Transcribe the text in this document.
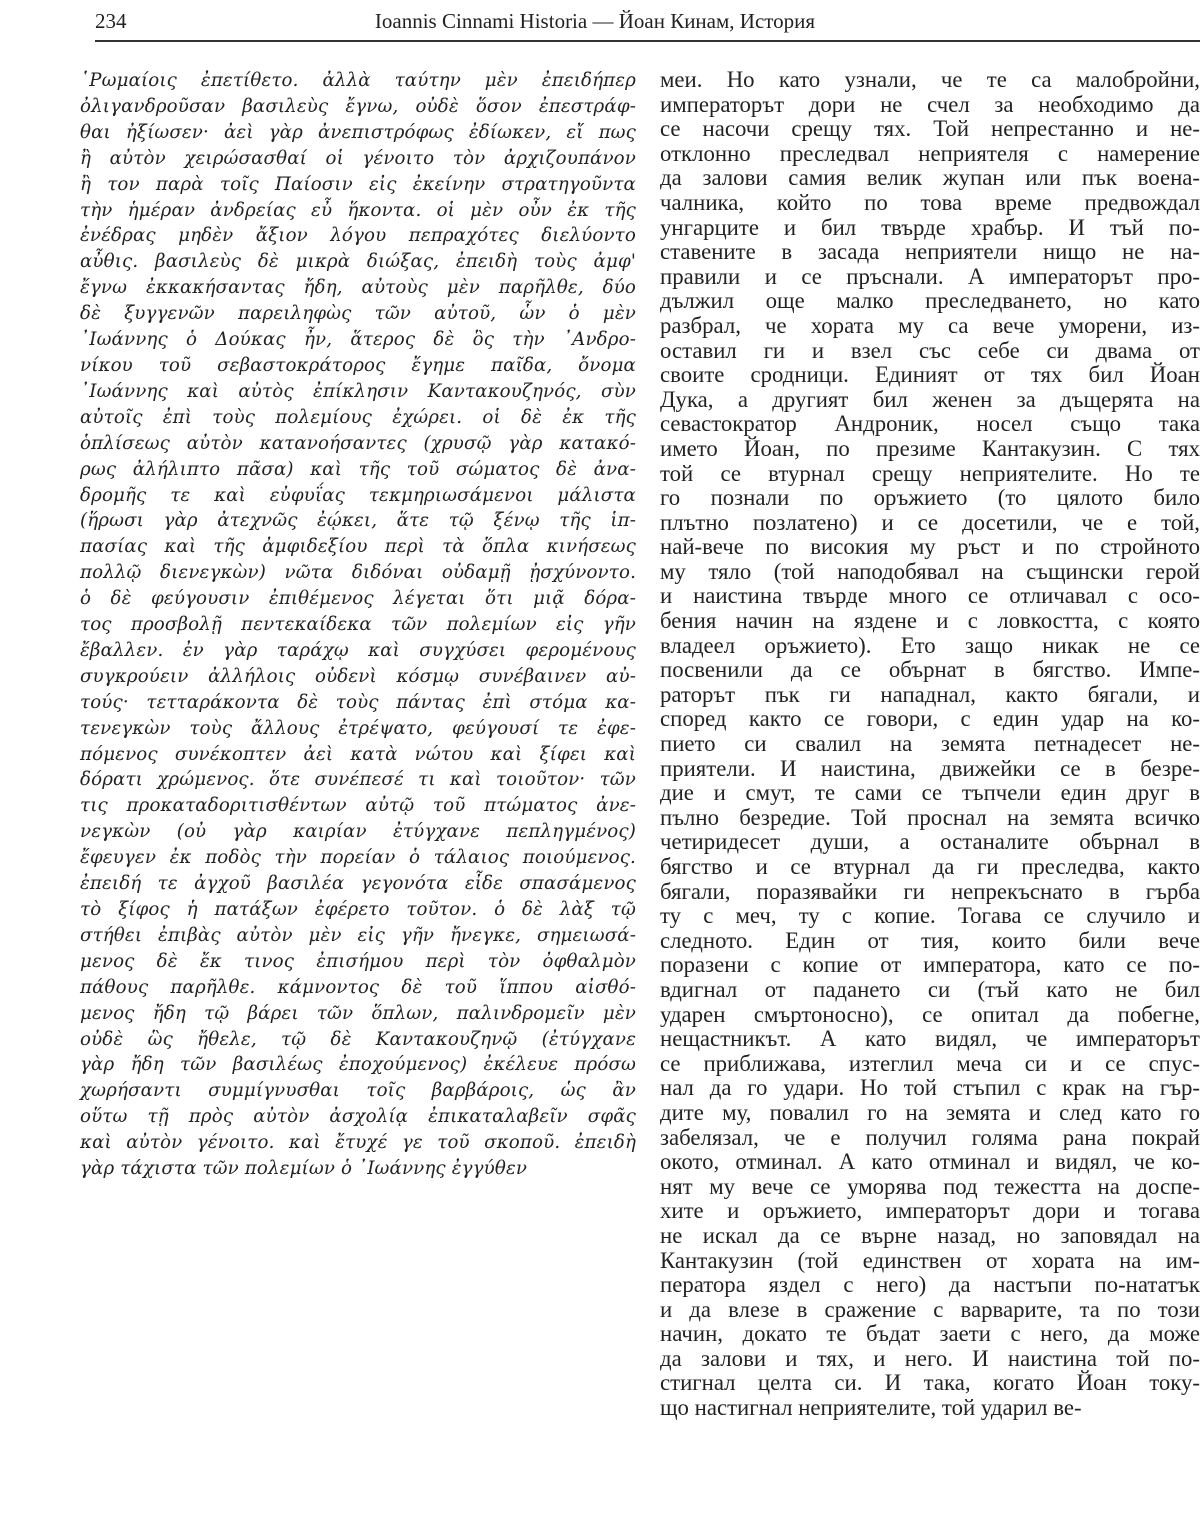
234	Ioannis Cinnami Historia — Йоан Кинам, История
῾Ρωμαίοις ἐπετίθετο. ἀλλὰ ταύτην μὲν ἐπειδήπερ
ὀλιγανδροῦσαν βασιλεὺς ἔγνω, οὐδὲ ὅσον ἐπεστράφ-
θαι ἠξίωσεν· ἀεὶ γὰρ ἀνεπιστρόφως ἐδίωκεν, εἴ πως
ἢ αὐτὸν χειρώσασθαί οἱ γένοιτο τὸν ἀρχιζουπάνον
ἢ τον παρὰ τοῖς Παίοσιν εἰς ἐκείνην στρατηγοῦντα
τὴν ἡμέραν ἀνδρείας εὖ ἥκοντα. οἱ μὲν οὖν ἐκ τῆς
ἐνέδρας μηδὲν ἄξιον λόγου πεπραχότες διελύοντο
αὖθις. βασιλεὺς δὲ μικρὰ διώξας, ἐπειδὴ τοὺς ἀμφ'
ἔγνω ἐκκακήσαντας ἤδη, αὐτοὺς μὲν παρῆλθε, δύο
δὲ ξυγγενῶν παρειληφὼς τῶν αὐτοῦ, ὧν ὁ μὲν
᾿Ιωάννης ὁ Δούκας ἦν, ἅτερος δὲ ὃς τὴν ᾿Ανδρο-
νίκου τοῦ σεβαστοκράτορος ἔγημε παῖδα, ὄνομα
᾿Ιωάννης καὶ αὐτὸς ἐπίκλησιν Καντακουζηνός, σὺν
αὐτοῖς ἐπὶ τοὺς πολεμίους ἐχώρει. οἱ δὲ ἐκ τῆς
ὁπλίσεως αὐτὸν κατανοήσαντες (χρυσῷ γὰρ κατακό-
ρως ἀλήλιπτο πᾶσα) καὶ τῆς τοῦ σώματος δὲ ἀνα-
δρομῆς τε καὶ εὐφυΐας τεκμηριωσάμενοι μάλιστα
(ἥρωσι γὰρ ἀτεχνῶς ἐῴκει, ἅτε τῷ ξένῳ τῆς ἱπ-
πασίας καὶ τῆς ἀμφιδεξίου περὶ τὰ ὅπλα κινήσεως
πολλῷ διενεγκὼν) νῶτα διδόναι οὐδαμῇ ᾐσχύνοντο.
ὁ δὲ φεύγουσιν ἐπιθέμενος λέγεται ὅτι μιᾷ δόρα-
τος προσβολῇ πεντεκαίδεκα τῶν πολεμίων εἰς γῆν
ἔβαλλεν. ἐν γὰρ ταράχῳ καὶ συγχύσει φερομένους
συγκρούειν ἀλλήλοις οὐδενὶ κόσμῳ συνέβαινεν αὐ-
τούς· τετταράκοντα δὲ τοὺς πάντας ἐπὶ στόμα κα-
τενεγκὼν τοὺς ἄλλους ἐτρέψατο, φεύγουσί τε ἐφε-
πόμενος συνέκοπτεν ἀεὶ κατὰ νώτου καὶ ξίφει καὶ
δόρατι χρώμενος. ὅτε συνέπεσέ τι καὶ τοιοῦτον· τῶν
τις προκαταδοριτισθέντων αὐτῷ τοῦ πτώματος ἀνε-
νεγκὼν (οὐ γὰρ καιρίαν ἐτύγχανε πεπληγμένος)
ἔφευγεν ἐκ ποδὸς τὴν πορείαν ὁ τάλαιος ποιούμενος.
ἐπειδή τε ἀγχοῦ βασιλέα γεγονότα εἶδε σπασάμενος
τὸ ξίφος ἡ πατάξων ἐφέρετο τοῦτον. ὁ δὲ λὰξ τῷ
στήθει ἐπιβὰς αὐτὸν μὲν εἰς γῆν ἤνεγκε, σημειωσά-
μενος δὲ ἔκ τινος ἐπισήμου περὶ τὸν ὀφθαλμὸν
πάθους παρῆλθε. κάμνοντος δὲ τοῦ ἵππου αἰσθό-
μενος ἤδη τῷ βάρει τῶν ὅπλων, παλινδρομεῖν μὲν
οὐδὲ ὣς ἤθελε, τῷ δὲ Καντακουζηνῷ (ἐτύγχανε
γὰρ ἤδη τῶν βασιλέως ἐποχούμενος) ἐκέλευε πρόσω
χωρήσαντι συμμίγνυσθαι τοῖς βαρβάροις, ὡς ἂν
οὕτω τῇ πρὸς αὐτὸν ἀσχολίᾳ ἐπικαταλαβεῖν σφᾶς
καὶ αὐτὸν γένοιτο. καὶ ἔτυχέ γε τοῦ σκοποῦ. ἐπειδὴ
γὰρ τάχιστα τῶν πολεμίων ὁ ᾿Ιωάννης ἐγγύθεν
меи. Но като узнали, че те са малобройни,
императорът дори не счел за необходимо да
се насочи срещу тях. Той непрестанно и не-
отклонно преследвал неприятеля с намерение
да залови самия велик жупан или пък воена-
чалника, който по това време предвождал
унгарците и бил твърде храбър. И тъй по-
ставените в засада неприятели нищо не на-
правили и се пръснали. А императорът про-
дължил още малко преследването, но като
разбрал, че хората му са вече уморени, из-
оставил ги и взел със себе си двама от
своите сродници. Единият от тях бил Йоан
Дука, а другият бил женен за дъщерята на
севастократор Андроник, носел също така
името Йоан, по презиме Кантакузин. С тях
той се втурнал срещу неприятелите. Но те
го познали по оръжието (то цялото било
плътно позлатено) и се досетили, че е той,
най-вече по високия му ръст и по стройното
му тяло (той наподобявал на същински герой
и наистина твърде много се отличавал с осо-
бения начин на яздене и с ловкостта, с която
владеел оръжието). Ето защо никак не се
посвенили да се обърнат в бягство. Импе-
раторът пък ги нападнал, както бягали, и
според както се говори, с един удар на ко-
пието си свалил на земята петнадесет не-
приятели. И наистина, движейки се в безре-
дие и смут, те сами се тъпчели един друг в
пълно безредие. Той проснал на земята всичко
четиридесет души, а останалите обърнал в
бягство и се втурнал да ги преследва, както
бягали, поразявайки ги непрекъснато в гърба
ту с меч, ту с копие. Тогава се случило и
следното. Един от тия, които били вече
поразени с копие от императора, като се по-
вдигнал от падането си (тъй като не бил
ударен смъртоносно), се опитал да побегне,
нещастникът. А като видял, че императорът
се приближава, изтеглил меча си и се спус-
нал да го удари. Но той стъпил с крак на гър-
дите му, повалил го на земята и след като го
забелязал, че е получил голяма рана покрай
окото, отминал. А като отминал и видял, че ко-
нят му вече се уморява под тежестта на доспе-
хите и оръжието, императорът дори и тогава
не искал да се върне назад, но заповядал на
Кантакузин (той единствен от хората на им-
ператора яздел с него) да настъпи по-нататък
и да влезе в сражение с варварите, та по този
начин, докато те бъдат заети с него, да може
да залови и тях, и него. И наистина той по-
стигнал целта си. И така, когато Йоан току-
що настигнал неприятелите, той ударил ве-
